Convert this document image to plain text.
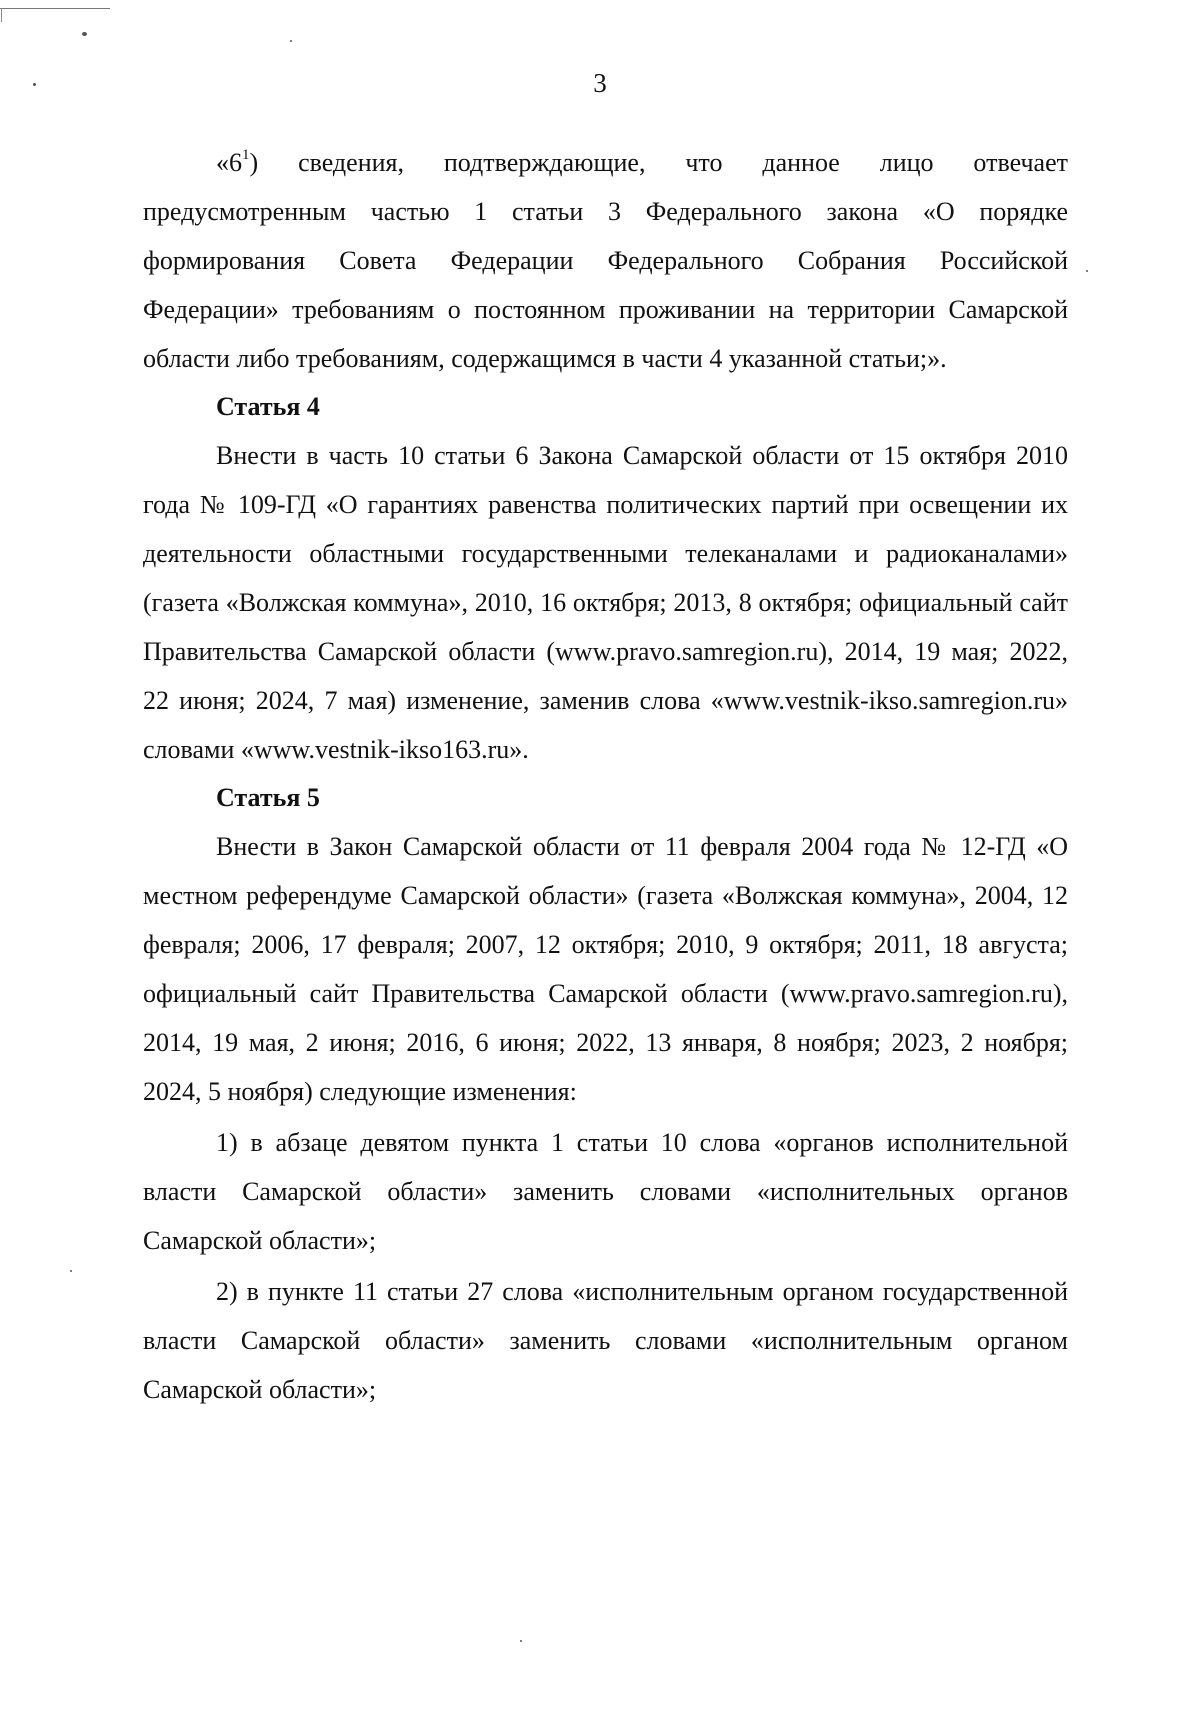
3

«$6^1$) сведения, подтверждающие, что данное лицо отвечает предусмотренным частью 1 статьи 3 Федерального закона «О порядке формирования Совета Федерации Федерального Собрания Российской Федерации» требованиям о постоянном проживании на территории Самарской области либо требованиям, содержащимся в части 4 указанной статьи;».

Статья 4

Внести в часть 10 статьи 6 Закона Самарской области от 15 октября 2010 года № 109-ГД «О гарантиях равенства политических партий при освещении их деятельности областными государственными телеканалами и радиоканалами» (газета «Волжская коммуна», 2010, 16 октября; 2013, 8 октября; официальный сайт Правительства Самарской области (www.pravo.samregion.ru), 2014, 19 мая; 2022, 22 июня; 2024, 7 мая) изменение, заменив слова «www.vestnik-ikso.samregion.ru» словами «www.vestnik-ikso163.ru».

Статья 5

Внести в Закон Самарской области от 11 февраля 2004 года № 12-ГД «О местном референдуме Самарской области» (газета «Волжская коммуна», 2004, 12 февраля; 2006, 17 февраля; 2007, 12 октября; 2010, 9 октября; 2011, 18 августа; официальный сайт Правительства Самарской области (www.pravo.samregion.ru), 2014, 19 мая, 2 июня; 2016, 6 июня; 2022, 13 января, 8 ноября; 2023, 2 ноября; 2024, 5 ноября) следующие изменения:

1) в абзаце девятом пункта 1 статьи 10 слова «органов исполнительной власти Самарской области» заменить словами «исполнительных органов Самарской области»;

2) в пункте 11 статьи 27 слова «исполнительным органом государственной власти Самарской области» заменить словами «исполнительным органом Самарской области»;
